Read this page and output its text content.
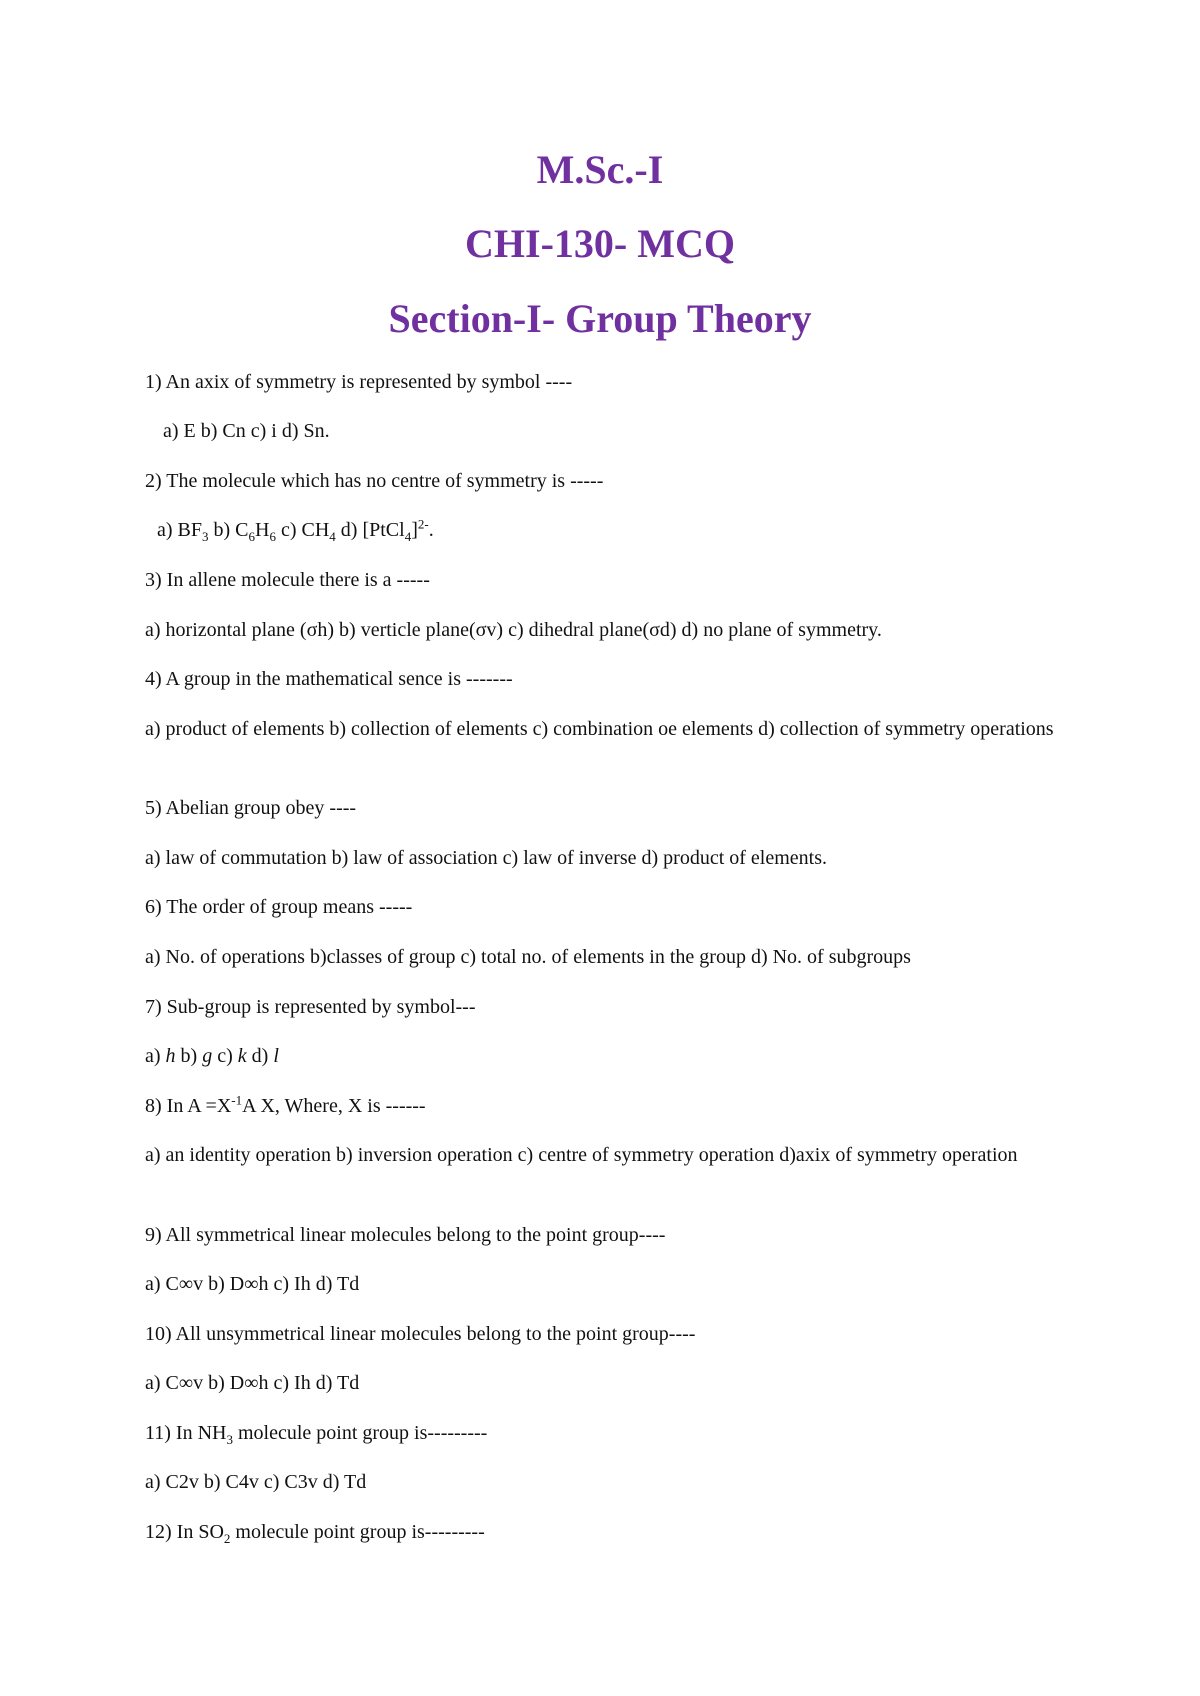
M.Sc.-I
CHI-130- MCQ
Section-I- Group Theory

1) An axix of symmetry is represented by symbol ----

a) E b) Cn c) i d) Sn.

2) The molecule which has no centre of symmetry is -----

a) $BF_3$ b) $C_6H_6$ c) $CH_4$ d) [PtCl$_4$]$^{2-}$.

3) In allene molecule there is a -----

a) horizontal plane (σh) b) verticle plane(σv) c) dihedral plane(σd) d) no plane of symmetry.

4) A group in the mathematical sence is -------

a) product of elements b) collection of elements c) combination oe elements d) collection of symmetry operations

5) Abelian group obey ----

a) law of commutation b) law of association c) law of inverse d) product of elements.

6) The order of group means -----

a) No. of operations b)classes of group c) total no. of elements in the group d) No. of subgroups

7) Sub-group is represented by symbol---

a) h b) g c) k d) l

8) In $A =X^{-1}A$ X, Where, X is ------

a) an identity operation b) inversion operation c) centre of symmetry operation d)axix of symmetry operation

9) All symmetrical linear molecules belong to the point group----

a) C∞v b) D∞h c) Ih d) Td

10) All unsymmetrical linear molecules belong to the point group----

a) C∞v b) D∞h c) Ih d) Td

11) In $NH_3$ molecule point group is---------

a) C2v b) C4v c) C3v d) Td

12) In $SO_2$ molecule point group is---------
